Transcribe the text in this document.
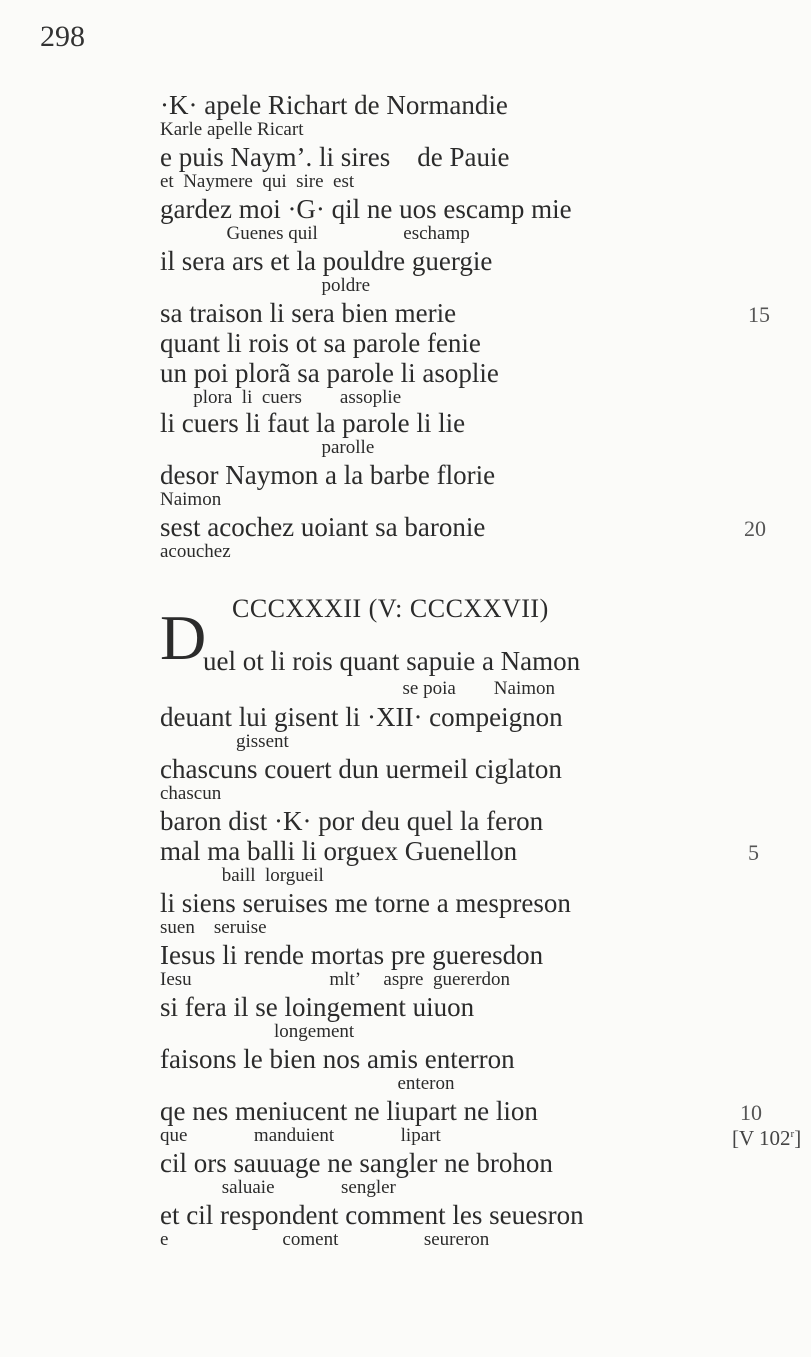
298
·K· apele Richart de Normandie
Karle apelle Ricart
e puis Naym’. li sires    de Pauie
et  Naymere  qui  sire  est
gardez moi ·G· qil ne uos escamp mie
Guenes quil                  eschamp
il sera ars et la pouldre guergie
poldre
sa traison li sera bien merie	15
quant li rois ot sa parole fenie
un poi plorã sa parole li asoplie
plora  li  cuers        assoplie
li cuers li faut la parole li lie
parolle
desor Naymon a la barbe florie
Naimon
sest acochez uoiant sa baronie
acouchez
20
CCCXXXII (V: CCCXXVII)
D
uel ot li rois quant sapuie a Namon
se poia        Naimon
deuant lui gisent li ·XII· compeignon
gissent
chascuns couert dun uermeil ciglaton
chascun
baron dist ·K· por deu quel la feron
mal ma balli li orguex Guenellon
baill  lorgueil
5
li siens seruises me torne a mespreson
suen    seruise
Iesus li rende mortas pre gueresdon
Iesu                             mlt’     aspre  guererdon
si fera il se loingement uiuon
longement
faisons le bien nos amis enterron
enteron
qe nes meniucent ne liupart ne lion
que              manduient              lipart
10
[V 102$^r$]
cil ors sauuage ne sangler ne brohon
saluaie              sengler
et cil respondent comment les seuesron
e                        coment                  seureron
